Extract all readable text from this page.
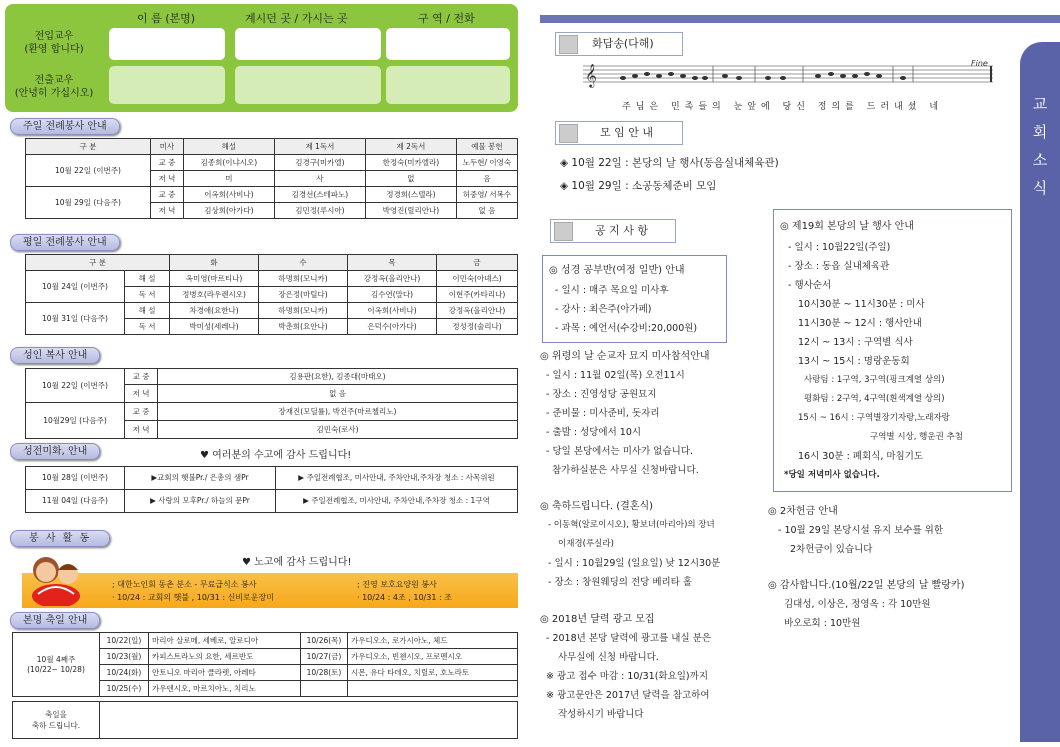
이 름 (본명)	계시던 곳 / 가시는 곳	구 역 / 전화
전입교우
(환영 합니다)
전출교우
(안녕히 가십시오)
주일 전례봉사 안내
구 분	미사	해설	제 1독서	제 2독서	예물 봉헌
10월 22일 (이번주)	교 중	김종희(이냐시오)	김경구(미카엘)	한정숙(미카엘라)	노두현/ 이영숙
	저 녁	미	사	없	음
10월 29일 (다음주)	교 중	이옥희(사비나)	김경선(스테파노)	정경희(스텔라)	허중영/ 서복수
	저 녁	김상희(아가다)	김민정(루시아)	박영진(릴리안나)	없 음
평일 전례봉사 안내
구 분		화	수	목	금
10월 24일 (이번주)	해 설	옥미영(마르티나)	하명희(모니카)	강정옥(올리안나)	이민숙(아녜스)
	독 서	정병호(라우렌시오)	장은정(마틸다)	김수연(말다)	이현주(카타리나)
10월 31일 (다음주)	해 설	차경애(요한나)	하명희(모니카)	이옥희(사비나)	강정옥(올리안나)
	독 서	박미성(세레나)	박춘희(요안나)	은덕수(아가다)	정성정(술리나)
성인 복사 안내
10월 22일 (이번주)	교 중	김용판(요한), 김종대(마태오)
	저 녁	없 음
10월29일 (다음주)	교 중	장재진(모딜률), 박건주(마르첼리노)
	저 녁	김민숙(로사)
성전미화, 안내	♥ 여러분의 수고에 감사 드립니다!
10월 28일 (이번주)	▶교회의 햇불Pr./ 은총의 샘Pr	▶ 주일전례협조, 미사안내, 주차안내,주차장 청소 : 사목위원
11월 04일 (다음주)	▶ 사랑의 모후Pr./ 하늘의 문Pr	▶ 주일전례협조, 미사안내, 주차안내,주차장 청소 : 1구역
봉 사 활 동
♥ 노고에 감사 드립니다!
; 대한노인회 동촌 분소 - 무료급식소 봉사
· 10/24 : 교회의 햇불 , 10/31 : 신비로운장미
; 진영 보호요양원 봉사
· 10/24 : 4조 , 10/31 : 조
본명 축일 안내
10월 4째주
(10/22~ 10/28)	10/22(일)	마리아 살로메, 세베로, 알로디아	10/26(목)	가우디오소, 로가시아노, 체드
	10/23(월)	카피스트라노의 요한, 세르반도	10/27(금)	가우디오소, 빈첸시오, 프로멘시오
	10/24(화)	안토니오 마리아 클라렛, 아레타	10/28(토)	시몬, 유다 타데오, 치릴로, 호노라토
	10/25(수)	가우덴시오, 마르치아노, 치리노		
축일을
축하 드립니다.

교 회 소 식
화답송(다해)
𝄞	Fine
주님은 민족들의 눈앞에 당신 정의를 드러내셨 네
모 임 안 내
◈ 10월 22일 : 본당의 날 행사(동음실내체육관)
◈ 10월 29일 : 소공동체준비 모임
공 지 사 항
◎ 성경 공부반(여정 일반) 안내
- 일시 : 매주 목요일 미사후
- 강사 : 최은주(아가페)
- 과목 : 예언서(수강비:20,000원)
◎ 위령의 날 순교자 묘지 미사참석안내
- 일시 : 11월 02일(목) 오전11시
- 장소 : 진영성당 공원묘지
- 준비물 : 미사준비, 돗자리
- 출발 : 성당에서 10시
- 당일 본당에서는 미사가 없습니다.
참가하실분은 사무실 신청바랍니다.
◎ 축하드립니다. (결혼식)
- 이동혁(알로이시오), 황보녀(마리아)의 장녀
이재경(루실라)
- 일시 : 10월29일 (일요일) 낮 12시30분
- 장소 : 창원웨딩의 전당 베리타 홀
◎ 2018년 달력 광고 모집
- 2018년 본당 달력에 광고를 내실 분은
사무실에 신청 바랍니다.
※ 광고 접수 마감 : 10/31(화요일)까지
※ 광고문안은 2017년 달력을 참고하여
작성하시기 바랍니다
◎ 제19회 본당의 날 행사 안내
- 일시 : 10월22일(주일)
- 장소 : 동읍 실내체육관
- 행사순서
10시30분 ~ 11시30분 : 미사
11시30분 ~ 12시 : 행사안내
12시 ~ 13시 : 구역별 식사
13시 ~ 15시 : 명랑운동회
사랑팀 : 1구역, 3구역(핑크계열 상의)
평화팀 : 2구역, 4구역(흰색계열 상의)
15시 ~ 16시 : 구역별장기자랑,노래자랑
구역별 시상, 행운권 추첨
16시 30분 : 폐회식, 마침기도
*당일 저녁미사 없습니다.
◎ 2차헌금 안내
- 10월 29일 본당시설 유지 보수를 위한
2차헌금이 있습니다
◎ 감사합니다.(10월/22일 본당의 날 빨랑카)
김대성, 이상은, 정영옥 : 각 10만원
바오로회 : 10만원
